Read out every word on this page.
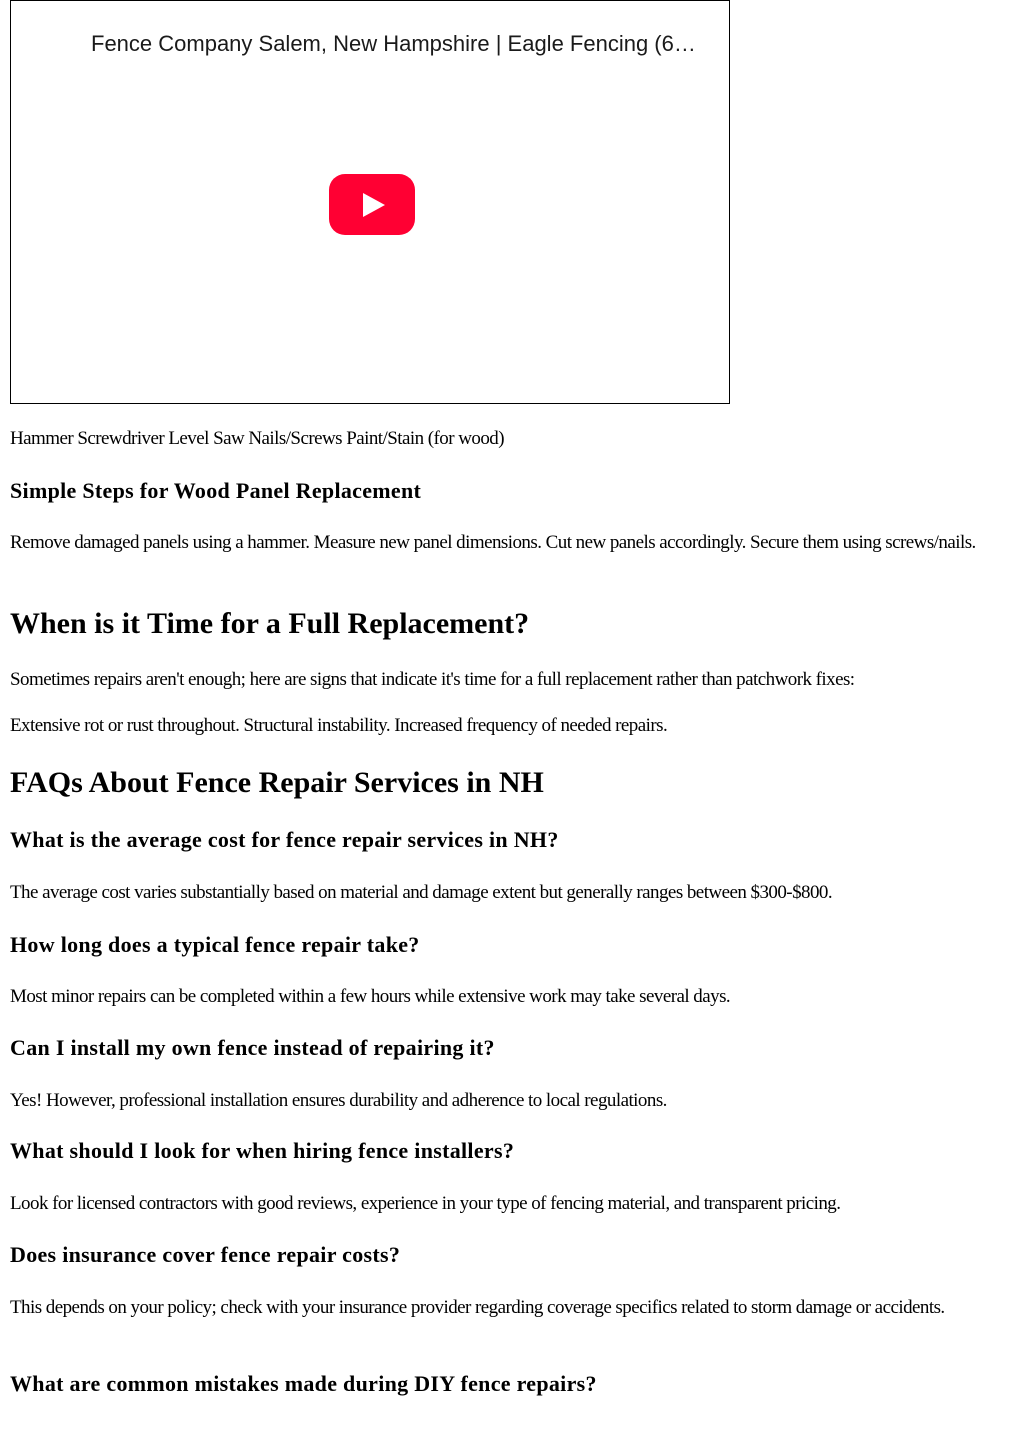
Fence Company Salem, New Hampshire | Eagle Fencing (6…

Hammer Screwdriver Level Saw Nails/Screws Paint/Stain (for wood)

Simple Steps for Wood Panel Replacement

Remove damaged panels using a hammer. Measure new panel dimensions. Cut new panels accordingly. Secure them using screws/nails.

When is it Time for a Full Replacement?

Sometimes repairs aren't enough; here are signs that indicate it's time for a full replacement rather than patchwork fixes:

Extensive rot or rust throughout. Structural instability. Increased frequency of needed repairs.

FAQs About Fence Repair Services in NH
What is the average cost for fence repair services in NH?

The average cost varies substantially based on material and damage extent but generally ranges between $300-$800.

How long does a typical fence repair take?

Most minor repairs can be completed within a few hours while extensive work may take several days.

Can I install my own fence instead of repairing it?

Yes! However, professional installation ensures durability and adherence to local regulations.

What should I look for when hiring fence installers?

Look for licensed contractors with good reviews, experience in your type of fencing material, and transparent pricing.

Does insurance cover fence repair costs?

This depends on your policy; check with your insurance provider regarding coverage specifics related to storm damage or accidents.

What are common mistakes made during DIY fence repairs?
